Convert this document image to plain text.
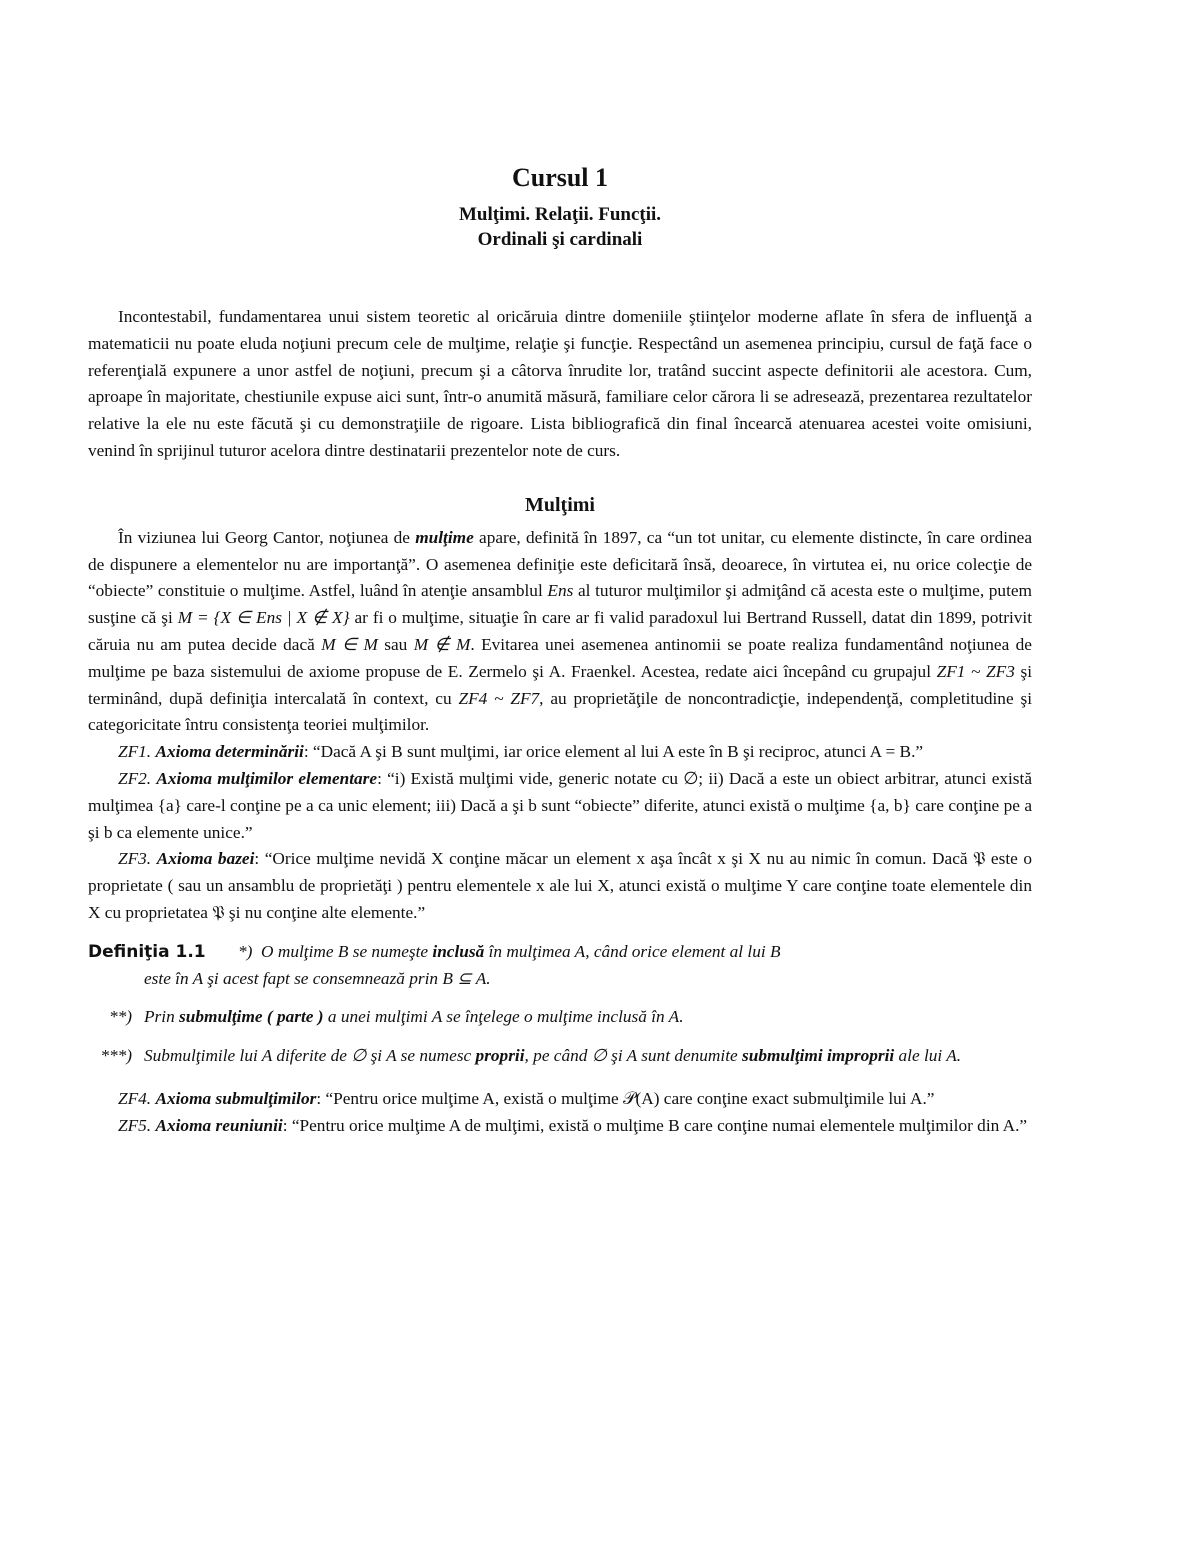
Cursul 1
Mulţimi. Relaţii. Funcţii.
Ordinali şi cardinali

Incontestabil, fundamentarea unui sistem teoretic al oricăruia dintre domeniile ştiinţelor moderne aflate în sfera de influenţă a matematicii nu poate eluda noţiuni precum cele de mulţime, relaţie şi funcţie. Respectând un asemenea principiu, cursul de faţă face o referenţială expunere a unor astfel de noţiuni, precum şi a câtorva înrudite lor, tratând succint aspecte definitorii ale acestora. Cum, aproape în majoritate, chestiunile expuse aici sunt, într-o anumită măsură, familiare celor cărora li se adresează, prezentarea rezultatelor relative la ele nu este făcută şi cu demonstraţiile de rigoare. Lista bibliografică din final încearcă atenuarea acestei voite omisiuni, venind în sprijinul tuturor acelora dintre destinatarii prezentelor note de curs.

Mulţimi

În viziunea lui Georg Cantor, noţiunea de mulţime apare, definită în 1897, ca “un tot unitar, cu elemente distincte, în care ordinea de dispunere a elementelor nu are importanţă”. O asemenea definiţie este deficitară însă, deoarece, în virtutea ei, nu orice colecţie de “obiecte” constituie o mulţime. Astfel, luând în atenţie ansamblul Ens al tuturor mulţimilor şi admiţând că acesta este o mulţime, putem susţine că şi M = {X ∈ Ens | X ∉ X} ar fi o mulţime, situaţie în care ar fi valid paradoxul lui Bertrand Russell, datat din 1899, potrivit căruia nu am putea decide dacă M ∈ M sau M ∉ M. Evitarea unei asemenea antinomii se poate realiza fundamentând noţiunea de mulţime pe baza sistemului de axiome propuse de E. Zermelo şi A. Fraenkel. Acestea, redate aici începând cu grupajul ZF1 ~ ZF3 şi terminând, după definiţia intercalată în context, cu ZF4 ~ ZF7, au proprietăţile de noncontradicţie, independenţă, completitudine şi categoricitate întru consistenţa teoriei mulţimilor.

ZF1. Axioma determinării: “Dacă A şi B sunt mulţimi, iar orice element al lui A este în B şi reciproc, atunci A = B.”

ZF2. Axioma mulţimilor elementare: “i) Există mulţimi vide, generic notate cu ∅; ii) Dacă a este un obiect arbitrar, atunci există mulţimea {a} care-l conţine pe a ca unic element; iii) Dacă a şi b sunt “obiecte” diferite, atunci există o mulţime {a, b} care conţine pe a şi b ca elemente unice.”

ZF3. Axioma bazei: “Orice mulţime nevidă X conţine măcar un element x aşa încât x şi X nu au nimic în comun. Dacă 𝔓 este o proprietate ( sau un ansamblu de proprietăţi ) pentru elementele x ale lui X, atunci există o mulţime Y care conţine toate elementele din X cu proprietatea 𝔓 şi nu conţine alte elemente.”

Definiţia 1.1	*) O mulţime B se numeşte inclusă în mulţimea A, când orice element al lui B
este în A şi acest fapt se consemnează prin B ⊆ A.
**) Prin submulţime ( parte ) a unei mulţimi A se înţelege o mulţime inclusă în A.
***) Submulţimile lui A diferite de ∅ şi A se numesc proprii, pe când ∅ şi A sunt denumite submulţimi improprii ale lui A.

ZF4. Axioma submulţimilor: “Pentru orice mulţime A, există o mulţime 𝒫(A) care conţine exact submulţimile lui A.”

ZF5. Axioma reuniunii: “Pentru orice mulţime A de mulţimi, există o mulţime B care conţine numai elementele mulţimilor din A.”
